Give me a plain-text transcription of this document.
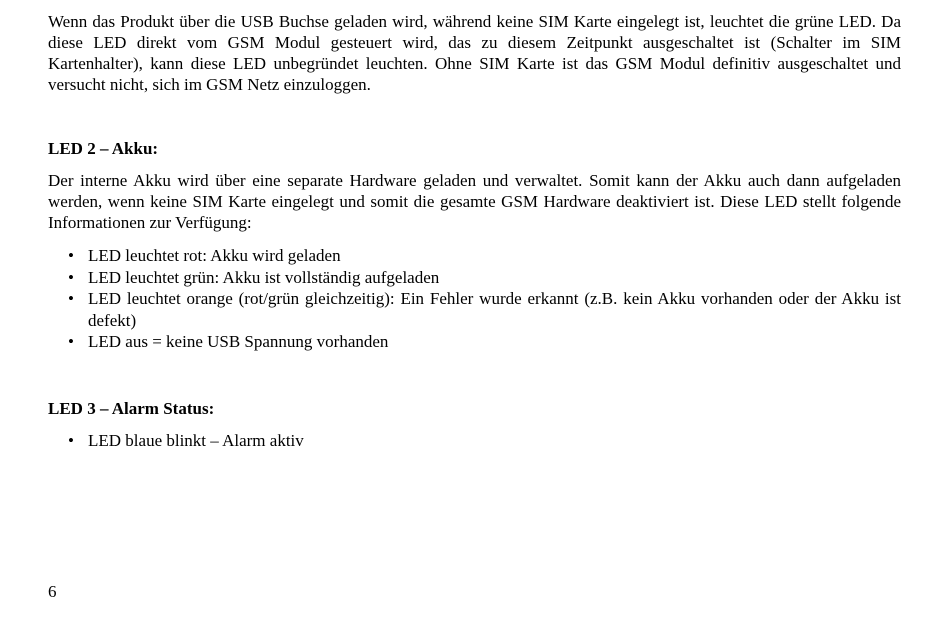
Wenn das Produkt über die USB Buchse geladen wird, während keine SIM Karte eingelegt ist, leuchtet die grüne LED. Da diese LED direkt vom GSM Modul gesteuert wird, das zu diesem Zeitpunkt ausgeschaltet ist (Schalter im SIM Kartenhalter), kann diese LED unbegründet leuchten. Ohne SIM Karte ist das GSM Modul definitiv ausgeschaltet und versucht nicht, sich im GSM Netz einzuloggen.

LED 2 – Akku:

Der interne Akku wird über eine separate Hardware geladen und verwaltet. Somit kann der Akku auch dann aufgeladen werden, wenn keine SIM Karte eingelegt und somit die gesamte GSM Hardware deaktiviert ist. Diese LED stellt folgende Informationen zur Verfügung:

• LED leuchtet rot: Akku wird geladen
• LED leuchtet grün: Akku ist vollständig aufgeladen
• LED leuchtet orange (rot/grün gleichzeitig): Ein Fehler wurde erkannt (z.B. kein Akku vorhanden oder der Akku ist defekt)
• LED aus = keine USB Spannung vorhanden
LED 3 – Alarm Status:
• LED blaue blinkt – Alarm aktiv
6
